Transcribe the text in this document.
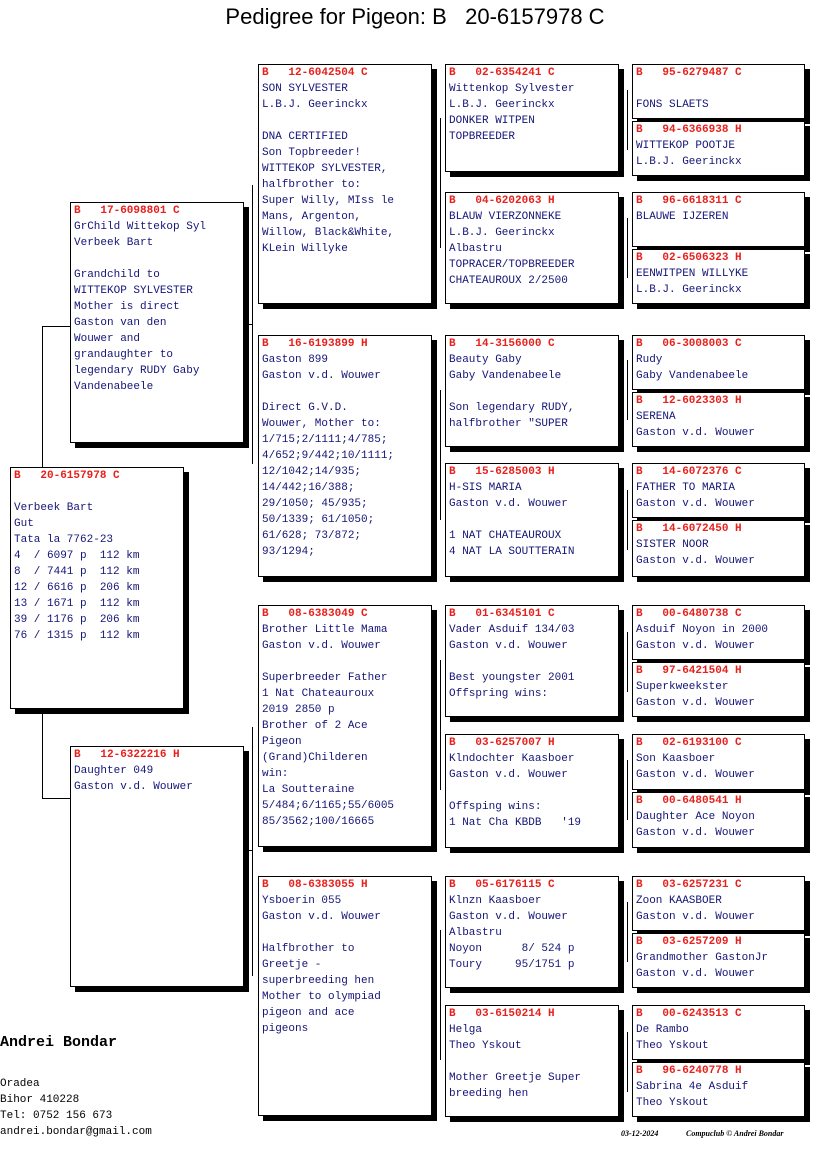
Pedigree for Pigeon: B   20-6157978 C
B   20-6157978 C
Verbeek Bart
Gut
Tata la 7762-23
4  / 6097 p  112 km
8  / 7441 p  112 km
12 / 6616 p  206 km
13 / 1671 p  112 km
39 / 1176 p  206 km
76 / 1315 p  112 km
B   17-6098801 C
GrChild Wittekop Syl
Verbeek Bart
Grandchild to
WITTEKOP SYLVESTER
Mother is direct
Gaston van den
Wouwer and
grandaughter to
legendary RUDY Gaby
Vandenabeele
B   12-6322216 H
Daughter 049
Gaston v.d. Wouwer
B   12-6042504 C
SON SYLVESTER
L.B.J. Geerinckx
DNA CERTIFIED
Son Topbreeder!
WITTEKOP SYLVESTER,
halfbrother to:
Super Willy, MIss le
Mans, Argenton,
Willow, Black&White,
KLein Willyke
B   16-6193899 H
Gaston 899
Gaston v.d. Wouwer
Direct G.V.D.
Wouwer, Mother to:
1/715;2/1111;4/785;
4/652;9/442;10/1111;
12/1042;14/935;
14/442;16/388;
29/1050; 45/935;
50/1339; 61/1050;
61/628; 73/872;
93/1294;
B   08-6383049 C
Brother Little Mama
Gaston v.d. Wouwer
Superbreeder Father
1 Nat Chateauroux
2019 2850 p
Brother of 2 Ace
Pigeon
(Grand)Childeren
win:
La Soutteraine
5/484;6/1165;55/6005
85/3562;100/16665
B   08-6383055 H
Ysboerin 055
Gaston v.d. Wouwer
Halfbrother to
Greetje -
superbreeding hen
Mother to olympiad
pigeon and ace
pigeons
B   02-6354241 C
Wittenkop Sylvester
L.B.J. Geerinckx
DONKER WITPEN
TOPBREEDER
B   04-6202063 H
BLAUW VIERZONNEKE
L.B.J. Geerinckx
Albastru
TOPRACER/TOPBREEDER
CHATEAUROUX 2/2500
B   14-3156000 C
Beauty Gaby
Gaby Vandenabeele
Son legendary RUDY,
halfbrother "SUPER
B   15-6285003 H
H-SIS MARIA
Gaston v.d. Wouwer
1 NAT CHATEAUROUX
4 NAT LA SOUTTERAIN
B   01-6345101 C
Vader Asduif 134/03
Gaston v.d. Wouwer
Best youngster 2001
Offspring wins:
B   03-6257007 H
Klndochter Kaasboer
Gaston v.d. Wouwer
Offsping wins:
1 Nat Cha KBDB   '19
B   05-6176115 C
Klnzn Kaasboer
Gaston v.d. Wouwer
Albastru
Noyon      8/ 524 p
Toury     95/1751 p
B   03-6150214 H
Helga
Theo Yskout
Mother Greetje Super
breeding hen
B   95-6279487 C
FONS SLAETS
B   94-6366938 H
WITTEKOP POOTJE
L.B.J. Geerinckx
B   96-6618311 C
BLAUWE IJZEREN
B   02-6506323 H
EENWITPEN WILLYKE
L.B.J. Geerinckx
B   06-3008003 C
Rudy
Gaby Vandenabeele
B   12-6023303 H
SERENA
Gaston v.d. Wouwer
B   14-6072376 C
FATHER TO MARIA
Gaston v.d. Wouwer
B   14-6072450 H
SISTER NOOR
Gaston v.d. Wouwer
B   00-6480738 C
Asduif Noyon in 2000
Gaston v.d. Wouwer
B   97-6421504 H
Superkweekster
Gaston v.d. Wouwer
B   02-6193100 C
Son Kaasboer
Gaston v.d. Wouwer
B   00-6480541 H
Daughter Ace Noyon
Gaston v.d. Wouwer
B   03-6257231 C
Zoon KAASBOER
Gaston v.d. Wouwer
B   03-6257209 H
Grandmother GastonJr
Gaston v.d. Wouwer
B   00-6243513 C
De Rambo
Theo Yskout
B   96-6240778 H
Sabrina 4e Asduif
Theo Yskout
Andrei Bondar
Oradea
Bihor 410228
Tel: 0752 156 673
andrei.bondar@gmail.com	03-12-2024	Compuclub © Andrei Bondar
